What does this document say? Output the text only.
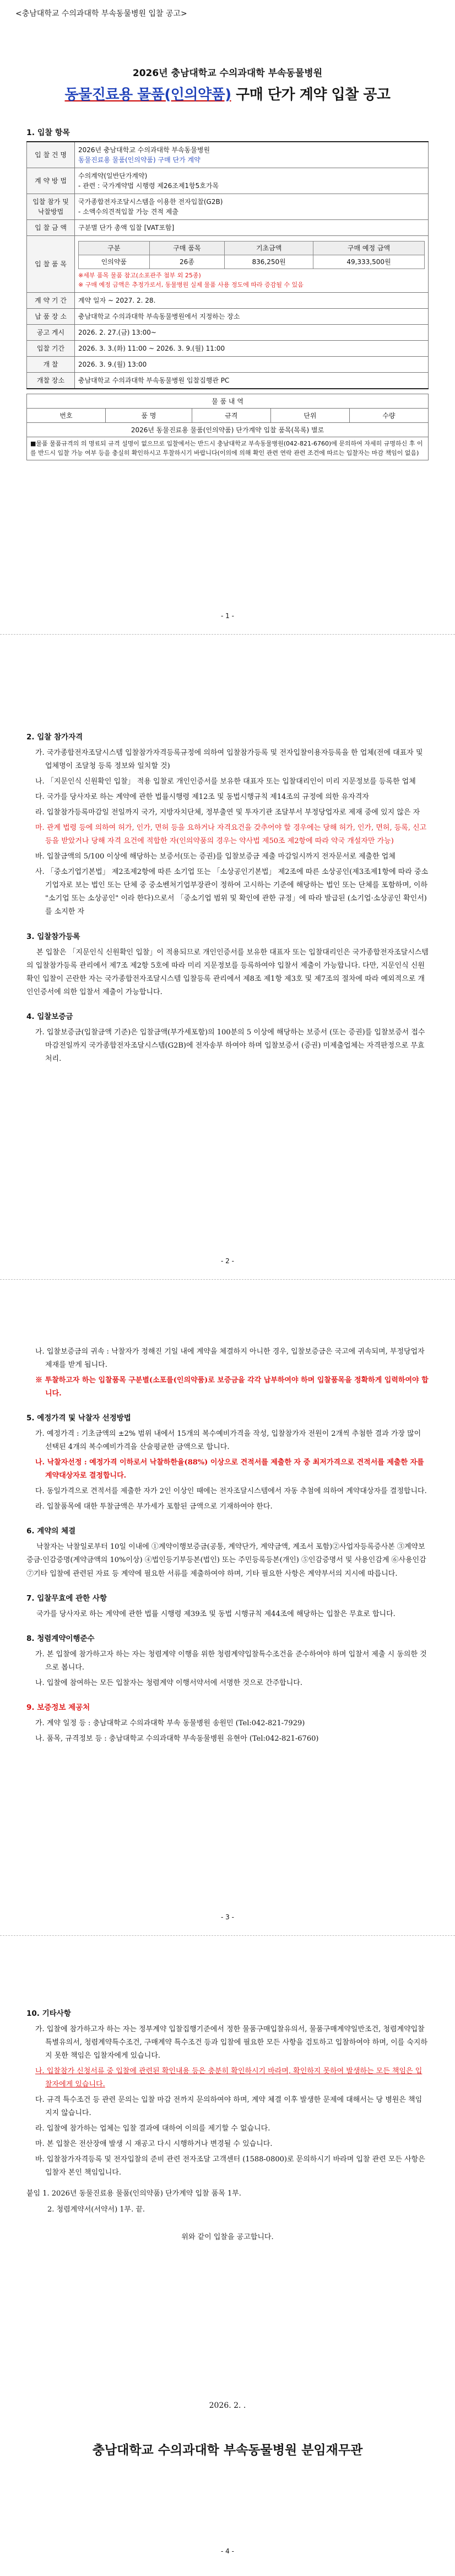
<충남대학교 수의과대학 부속동물병원 입찰 공고>
2026년 충남대학교 수의과대학 부속동물병원
동물진료용 물품(인의약품) 구매 단가 계약 입찰 공고
1. 입찰 항목
입 찰 건 명	
2026년 충남대학교 수의과대학 부속동물병원
동물진료용 물품(인의약품) 구매 단가 계약

계 약 방 법	
수의계약(일반단가계약)
- 관련 : 국가계약법 시행령 제26조제1항5호가목

입찰 참가 및 낙찰방법	
국가종합전자조달시스템을 이용한 전자입찰(G2B)
- 소액수의견적입찰 가능 견적 제출

입 찰 금 액	구분별 단가 총액 입찰 [VAT포함]
입 찰 품 목	
구분	구매 품목	기초금액	구매 예정 금액
인의약품	26종	836,250원	49,333,500원
※세부 품목 물품 참고(소포관주 첨부 외 25종)
※ 구매 예정 금액은 추정가로서, 동물병원 실제 물품 사용 정도에 따라 증감될 수 있음

계 약 기 간	계약 일자 ~ 2027. 2. 28.
납 품 장 소	충남대학교 수의과대학 부속동물병원에서 지정하는 장소
공고 게시	2026. 2. 27.(금) 13:00~
입찰 기간	2026. 3. 3.(화) 11:00 ~ 2026. 3. 9.(월) 11:00
개 찰	2026. 3. 9.(월) 13:00
개찰 장소	충남대학교 수의과대학 부속동물병원 입찰집행관 PC
물 품 내 역
번호	품 명	규격	단위	수량
2026년 동물진료용 물품(인의약품) 단가계약 입찰 품목(목록) 별로
■물품 물품규격의 의 명료되 규격 설명이 없으므로 입찰에서는 반드시 충남대학교 부속동물병원(042-821-6760)에 문의하여 자세히 규명하신 후 이를 반드시 입찰 가능 여부 등을 충실히 확인하시고 투찰하시기 바랍니다(이의에 의해 확인 관련 연락 관련 조건에 따르는 입찰자는 마감 책임이 없음)
- 1 -
2. 입찰 참가자격

가. 국가종합전자조달시스템 입찰참가자격등록규정에 의하여 입찰참가등록 및 전자입찰이용자등록을 한 업체(전에 대표자 및 업체명이 조달청 등록 정보와 일치할 것)

나. 「지문인식 신원확인 입찰」 적용 입찰로 개인인증서를 보유한 대표자 또는 입찰대리인이 미리 지문정보를 등록한 업체

다. 국가를 당사자로 하는 계약에 관한 법률시행령 제12조 및 동법시행규칙 제14조의 규정에 의한 유자격자

라. 입찰참가등록마감일 전일까지 국가, 지방자치단체, 정부출연 및 투자기관 조달부서 부정당업자로 제재 중에 있지 않은 자

마. 관계 법령 등에 의하여 허가, 인가, 면허 등을 요하거나 자격요건을 갖추어야 할 경우에는 당해 허가, 인가, 면허, 등록, 신고 등을 받았거나 당해 자격 요건에 적합한 자(인의약품의 경우는 약사법 제50조 제2항에 따라 약국 개설자만 가능)

바. 입찰금액의 5/100 이상에 해당하는 보증서(또는 증권)를 입찰보증금 제출 마감일시까지 전자문서로 제출한 업체

사. 「중소기업기본법」 제2조제2항에 따른 소기업 또는 「소상공인기본법」 제2조에 따른 소상공인(제3조제1항에 따라 중소기업자로 보는 법인 또는 단체 중 중소벤처기업부장관이 정하여 고시하는 기준에 해당하는 법인 또는 단체를 포함하며, 이하 "소기업 또는 소상공인" 이라 한다)으로서 「중소기업 범위 및 확인에 관한 규정」에 따라 발급된 (소기업·소상공인 확인서)를 소지한 자

3. 입찰참가등록

본 입찰은 「지문인식 신원확인 입찰」이 적용되므로 개인인증서를 보유한 대표자 또는 입찰대리인은 국가종합전자조달시스템의 입찰참가등록 관리에서 제7조 제2항 5호에 따라 미리 지문정보를 등록하여야 입찰서 제출이 가능합니다. 다만, 지문인식 신원확인 입찰이 곤란한 자는 국가종합전자조달시스템 입찰등록 관리에서 제8조 제1항 제3호 및 제7조의 절차에 따라 예외적으로 개인인증서에 의한 입찰서 제출이 가능합니다.

4. 입찰보증금

가. 입찰보증금(입찰금액 기준)은 입찰금액(부가세포함)의 100분의 5 이상에 해당하는 보증서 (또는 증권)를 입찰보증서 접수마감전일까지 국가종합전자조달시스템(G2B)에 전자송부 하여야 하며 입찰보증서 (증권) 미제출업체는 자격판정으로 무효처리.

- 2 -

나. 입찰보증금의 귀속 : 낙찰자가 정해진 기일 내에 계약을 체결하지 아니한 경우, 입찰보증금은 국고에 귀속되며, 부정당업자 제재를 받게 됩니다.

※ 투찰하고자 하는 입찰품목 구분별(소포를(인의약품)로 보증금을 각각 납부하여야 하며 입찰품목을 정확하게 입력하여야 합니다.

5. 예정가격 및 낙찰자 선정방법

가. 예정가격 : 기초금액의 ±2% 범위 내에서 15개의 복수예비가격을 작성, 입찰참가자 전원이 2개씩 추첨한 결과 가장 많이 선택된 4개의 복수예비가격을 산술평균한 금액으로 합니다.

나. 낙찰자선정 : 예정가격 이하로서 낙찰하한율(88%) 이상으로 견적서를 제출한 자 중 최저가격으로 견적서를 제출한 자를 계약대상자로 결정합니다.

다. 동일가격으로 견적서를 제출한 자가 2인 이상인 때에는 전자조달시스템에서 자동 추첨에 의하여 계약대상자를 결정합니다.

라. 입찰품목에 대한 투찰금액은 부가세가 포함된 금액으로 기재하여야 한다.

6. 계약의 체결

낙찰자는 낙찰일로부터 10일 이내에 ①계약이행보증금(공통, 계약단가, 계약금액, 계조서 포함)②사업자등록증사본 ③계약보증금·인감증명(계약금액의 10%이상) ④법인등기부등본(법인) 또는 주민등록등본(개인) ⑤인감증명서 및 사용인감계 ⑥사용인감 ⑦기타 입찰에 관련된 자료 등 계약에 필요한 서류를 제출하여야 하며, 기타 필요한 사항은 계약부서의 지시에 따릅니다.

7. 입찰무효에 관한 사항

국가를 당사자로 하는 계약에 관한 법률 시행령 제39조 및 동법 시행규칙 제44조에 해당하는 입찰은 무효로 합니다.

8. 청렴계약이행준수

가. 본 입찰에 참가하고자 하는 자는 청렴계약 이행을 위한 청렴계약입찰특수조건을 준수하여야 하며 입찰서 제출 시 동의한 것으로 봅니다.

나. 입찰에 참여하는 모든 입찰자는 청렴계약 이행서약서에 서명한 것으로 간주합니다.

9. 보증정보 제공처

가. 계약 일정 등 : 충남대학교 수의과대학 부속 동물병원 송원민 (Tel:042-821-7929)

나. 품목, 규격정보 등 : 충남대학교 수의과대학 부속동물병원 유현아 (Tel:042-821-6760)

- 3 -
10. 기타사항

가. 입찰에 참가하고자 하는 자는 정부계약 입찰집행기준에서 정한 물품구매입찰유의서, 물품구매계약일반조건, 청렴계약입찰특별유의서, 청렴계약특수조건, 구매계약 특수조건 등과 입찰에 필요한 모든 사항을 검토하고 입찰하여야 하며, 이를 숙지하지 못한 책임은 입찰자에게 있습니다.

나. 입찰참가 신청서류 중 입찰에 관련된 확인내용 등은 충분히 확인하시기 바라며, 확인하지 못하여 발생하는 모든 책임은 입찰자에게 있습니다.

다. 규격 특수조건 등 관련 문의는 입찰 마감 전까지 문의하여야 하며, 계약 체결 이후 발생한 문제에 대해서는 당 병원은 책임지지 않습니다.

라. 입찰에 참가하는 업체는 입찰 결과에 대하여 이의를 제기할 수 없습니다.

마. 본 입찰은 전산장애 발생 시 재공고 다시 시행하거나 변경될 수 있습니다.

바. 입찰참가자격등록 및 전자입찰의 준비 관련 전자조달 고객센터 (1588-0800)로 문의하시기 바라며 입찰 관련 모든 사항은 입찰자 본인 책임입니다.

붙임 1. 2026년 동물진료용 물품(인의약품) 단가계약 입찰 품목 1부.

2. 청렴계약서(서약서) 1부. 끝.

위와 같이 입찰을 공고합니다.

2026. 2. .
충남대학교 수의과대학 부속동물병원 분임재무관
- 4 -
